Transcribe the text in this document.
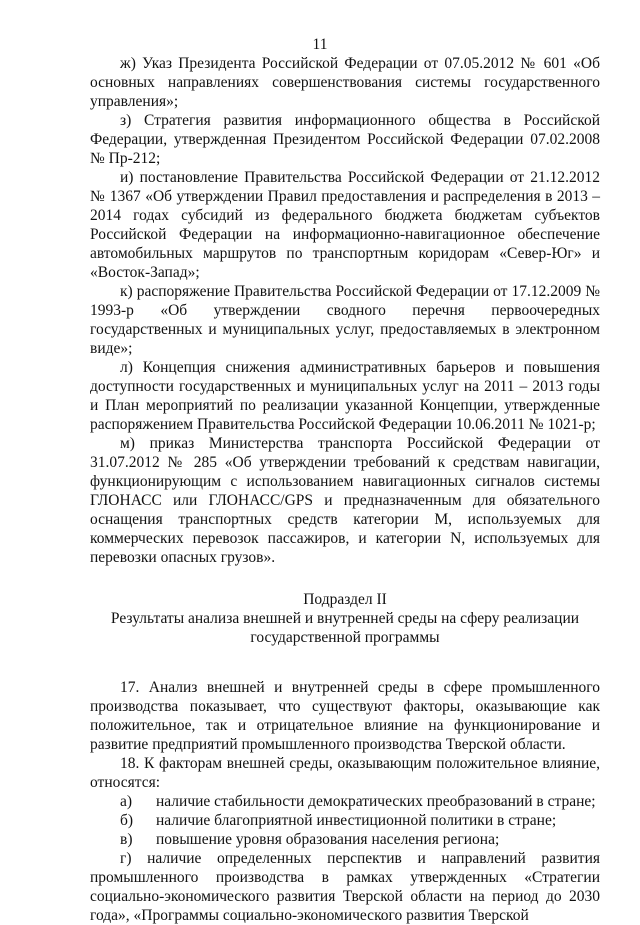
11

ж) Указ Президента Российской Федерации от 07.05.2012 № 601 «Об основных направлениях совершенствования системы государственного управления»;

з) Стратегия развития информационного общества в Российской Федерации, утвержденная Президентом Российской Федерации 07.02.2008 № Пр-212;

и) постановление Правительства Российской Федерации от 21.12.2012 № 1367 «Об утверждении Правил предоставления и распределения в 2013 – 2014 годах субсидий из федерального бюджета бюджетам субъектов Российской Федерации на информационно-навигационное обеспечение автомобильных маршрутов по транспортным коридорам «Север-Юг» и «Восток-Запад»;

к) распоряжение Правительства Российской Федерации от 17.12.2009 № 1993-р «Об утверждении сводного перечня первоочередных государственных и муниципальных услуг, предоставляемых в электронном виде»;

л) Концепция снижения административных барьеров и повышения доступности государственных и муниципальных услуг на 2011 – 2013 годы и План мероприятий по реализации указанной Концепции, утвержденные распоряжением Правительства Российской Федерации 10.06.2011 № 1021-р;

м) приказ Министерства транспорта Российской Федерации от 31.07.2012 № 285 «Об утверждении требований к средствам навигации, функционирующим с использованием навигационных сигналов системы ГЛОНАСС или ГЛОНАСС/GPS и предназначенным для обязательного оснащения транспортных средств категории M, используемых для коммерческих перевозок пассажиров, и категории N, используемых для перевозки опасных грузов».

Подраздел II

Результаты анализа внешней и внутренней среды на сферу реализации

государственной программы

17. Анализ внешней и внутренней среды в сфере промышленного производства показывает, что существуют факторы, оказывающие как положительное, так и отрицательное влияние на функционирование и развитие предприятий промышленного производства Тверской области.

18. К факторам внешней среды, оказывающим положительное влияние, относятся:

а)	наличие стабильности демократических преобразований в стране;
б)	наличие благоприятной инвестиционной политики в стране;
в)	повышение уровня образования населения региона;

г) наличие определенных перспектив и направлений развития промышленного производства в рамках утвержденных «Стратегии социально-экономического развития Тверской области на период до 2030 года», «Программы социально-экономического развития Тверской
